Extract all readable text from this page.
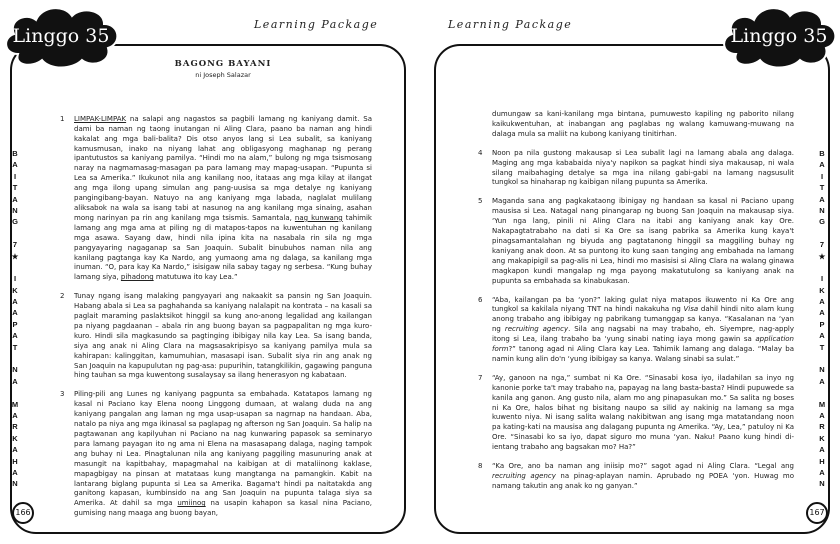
Linggo 35	Linggo 35
Learning Package	Learning Package
B
A
I
T
A
N
G
7
★
I
K
A
A
P
A
T
N
A
M
A
R
K
A
H
A
N
B
A
I
T
A
N
G
7
★
I
K
A
A
P
A
T
N
A
M
A
R
K
A
H
A
N
166	167
BAGONG BAYANI
ni Joseph Salazar
1	LIMPAK-LIMPAK na salapi ang nagastos sa pagbili lamang ng kaniyang damit. Sa dami ba naman ng taong inutangan ni Aling Clara, paano ba naman ang hindi kakalat ang mga bali-balita? Dis otso anyos lang si Lea subalit, sa kaniyang kamusmusan, inako na niyang lahat ang obligasyong maghanap ng perang ipantutustos sa kaniyang pamilya. “Hindi mo na alam,” bulong ng mga tsismosang naray na nagmamasag-masagan pa para lamang may mapag-usapan. “Pupunta si Lea sa Amerika.” Ikukunot nila ang kanilang noo, itataas ang mga kilay at ilangat ang mga ilong upang simulan ang pang-uusisa sa mga detalye ng kaniyang pangingibang-bayan. Natuyo na ang kaniyang mga labada, naglalat mulilang aliksabok na wala sa isang tabi at nasunog na ang kanilang mga sinaing, asahan mong narinyan pa rin ang kanilang mga tsismis. Samantala, nag kunwang tahimik lamang ang mga ama at piling ng di matapos-tapos na kuwentuhan ng kanilang mga asawa. Sayang daw, hindi nila ipina kita na nasabala rin sila ng mga pangyayaring nagaganap sa San Joaquin. Subalit binubuhos naman nila ang kanilang pagtanga kay Ka Nardo, ang yumaong ama ng dalaga, sa kanilang mga inuman. “O, para kay Ka Nardo,” isisigaw nila sabay tagay ng serbesa. “Kung buhay lamang siya, pihadong matutuwa ito kay Lea.”
2	Tunay ngang isang malaking pangyayari ang nakaakit sa pansin ng San Joaquin. Habang abala si Lea sa paghahanda sa kaniyang nalalapit na kontrata – na kasali sa paglait maraming paslaktsikot hinggil sa kung ano-anong legalidad ang kailangan pa niyang pagdaanan – abala rin ang buong bayan sa pagpapalitan ng mga kuro-kuro. Hindi sila magkasundo sa pagtinging ibibigay nila kay Lea. Sa isang banda, siya ang anak ni Aling Clara na magsasakripisyo sa kaniyang pamilya mula sa kahirapan: kalinggitan, kamumuhian, masasapi isan. Subalit siya rin ang anak ng San Joaquin na kapupulutan ng pag-asa: pupurihin, tatangkilikin, gagawing panguna hing tauhan sa mga kuwentong susalaysay sa ilang henerasyon ng kabataan.
3	Piling-pili ang Lunes ng kaniyang pagpunta sa embahada. Katatapos lamang ng kasal ni Paciano kay Elena noong Linggong dumaan, at walang duda na ang kaniyang pangalan ang laman ng mga usap-usapan sa nagrnap na handaan. Aba, natalo pa niya ang mga ikinasal sa paglapag ng afterson ng San Joaquin. Sa halip na pagtawanan ang kapilyuhan ni Paciano na nag kunwaring papasok sa seminaryo para lamang payagan ito ng ama ni Elena na masasapang dalaga, naging tampok ang buhay ni Lea. Pinagtalunan nila ang kaniyang paggiling masunuring anak at masungit na kapitbahay, mapagmahal na kaibigan at di mataliinong kaklase, mapagbigay na pinsan at matataas kung mangtanga na pamangkin. Kabit na lantarang biglang pupunta si Lea sa Amerika. Bagama't hindi pa naitatakda ang ganitong kapasan, kumbinsido na ang San Joaquin na pupunta talaga siya sa Amerika. At dahil sa mga umiinog na usapin kahapon sa kasal nina Paciano, gumising nang maaga ang buong bayan,
dumungaw sa kani-kanilang mga bintana, pumuwesto kapiling ng paborito nilang kaikukwentuhan, at inabangan ang paglabas ng walang kamuwang-muwang na dalaga mula sa maliit na kubong kaniyang tinitirhan.
4	Noon pa nila gustong makausap si Lea subalit lagi na lamang abala ang dalaga. Maging ang mga kababaida niya'y napikon sa pagkat hindi siya makausap, ni wala silang maibahaging detalye sa mga ina nilang gabi-gabi na lamang nagsusulit tungkol sa hinaharap ng kaibigan nilang pupunta sa Amerika.
5	Maganda sana ang pagkakataong ibinigay ng handaan sa kasal ni Paciano upang mausisa si Lea. Natagal nang pinangarap ng buong San Joaquin na makausap siya. ‘Yun nga lang, pinili ni Aling Clara na itabi ang kaniyang anak kay Ore. Nakapagtatrabaho na dati si Ka Ore sa isang pabrika sa Amerika kung kaya't pinagsamantalahan ng biyuda ang pagtatanong hinggil sa maggiling buhay ng kaniyang anak doon. At sa puntong ito kung saan tanging ang embahada na lamang ang makapipigil sa pag-alis ni Lea, hindi mo masisisi si Aling Clara na walang ginawa magkapon kundi mangalap ng mga payong makatutulong sa kaniyang anak na pupunta sa embahada sa kinabukasan.
6	“Aba, kailangan pa ba ‘yon?” laking gulat niya matapos ikuwento ni Ka Ore ang tungkol sa kakilala niyang TNT na hindi nakakuha ng Visa dahil hindi nito alam kung anong trabaho ang ibibigay ng pabrikang tumanggap sa kanya. “Kasalanan na ‘yan ng recruiting agency. Sila ang nagsabi na may trabaho, eh. Siyempre, nag-apply itong si Lea, ilang trabaho ba ‘yung sinabi nating iaya mong gawin sa application form?” tanong agad ni Aling Clara kay Lea. Tahimik lamang ang dalaga. “Malay ba namin kung alin do'n ‘yung ibibigay sa kanya. Walang sinabi sa sulat.”
7	“Ay, ganoon na nga,” sumbat ni Ka Ore. “Sinasabi kosa iyo, iladahilan sa inyo ng kanonie porke ta't may trabaho na, papayag na lang basta-basta? Hindi pupuwede sa kanila ang ganon. Ang gusto nila, alam mo ang pinapasukan mo.” Sa salita ng boses ni Ka Ore, halos bihat ng bisitang naupo sa silid ay nakinig na lamang sa mga kuwento niya. Ni isang salita walang nakibitwan ang isang mga matatandang noon pa kating-kati na mausisa ang dalagang pupunta ng Amerika. “Ay, Lea,” patuloy ni Ka Ore. “Sinasabi ko sa iyo, dapat siguro mo muna ‘yan. Naku! Paano kung hindi di-ientang trabaho ang bagsakan mo? Ha?”
8	“Ka Ore, ano ba naman ang iniisip mo?” sagot agad ni Aling Clara. “Legal ang recruiting agency na pinag-aplayan namin. Aprubado ng POEA ‘yon. Huwag mo namang takutin ang anak ko ng ganyan.”
